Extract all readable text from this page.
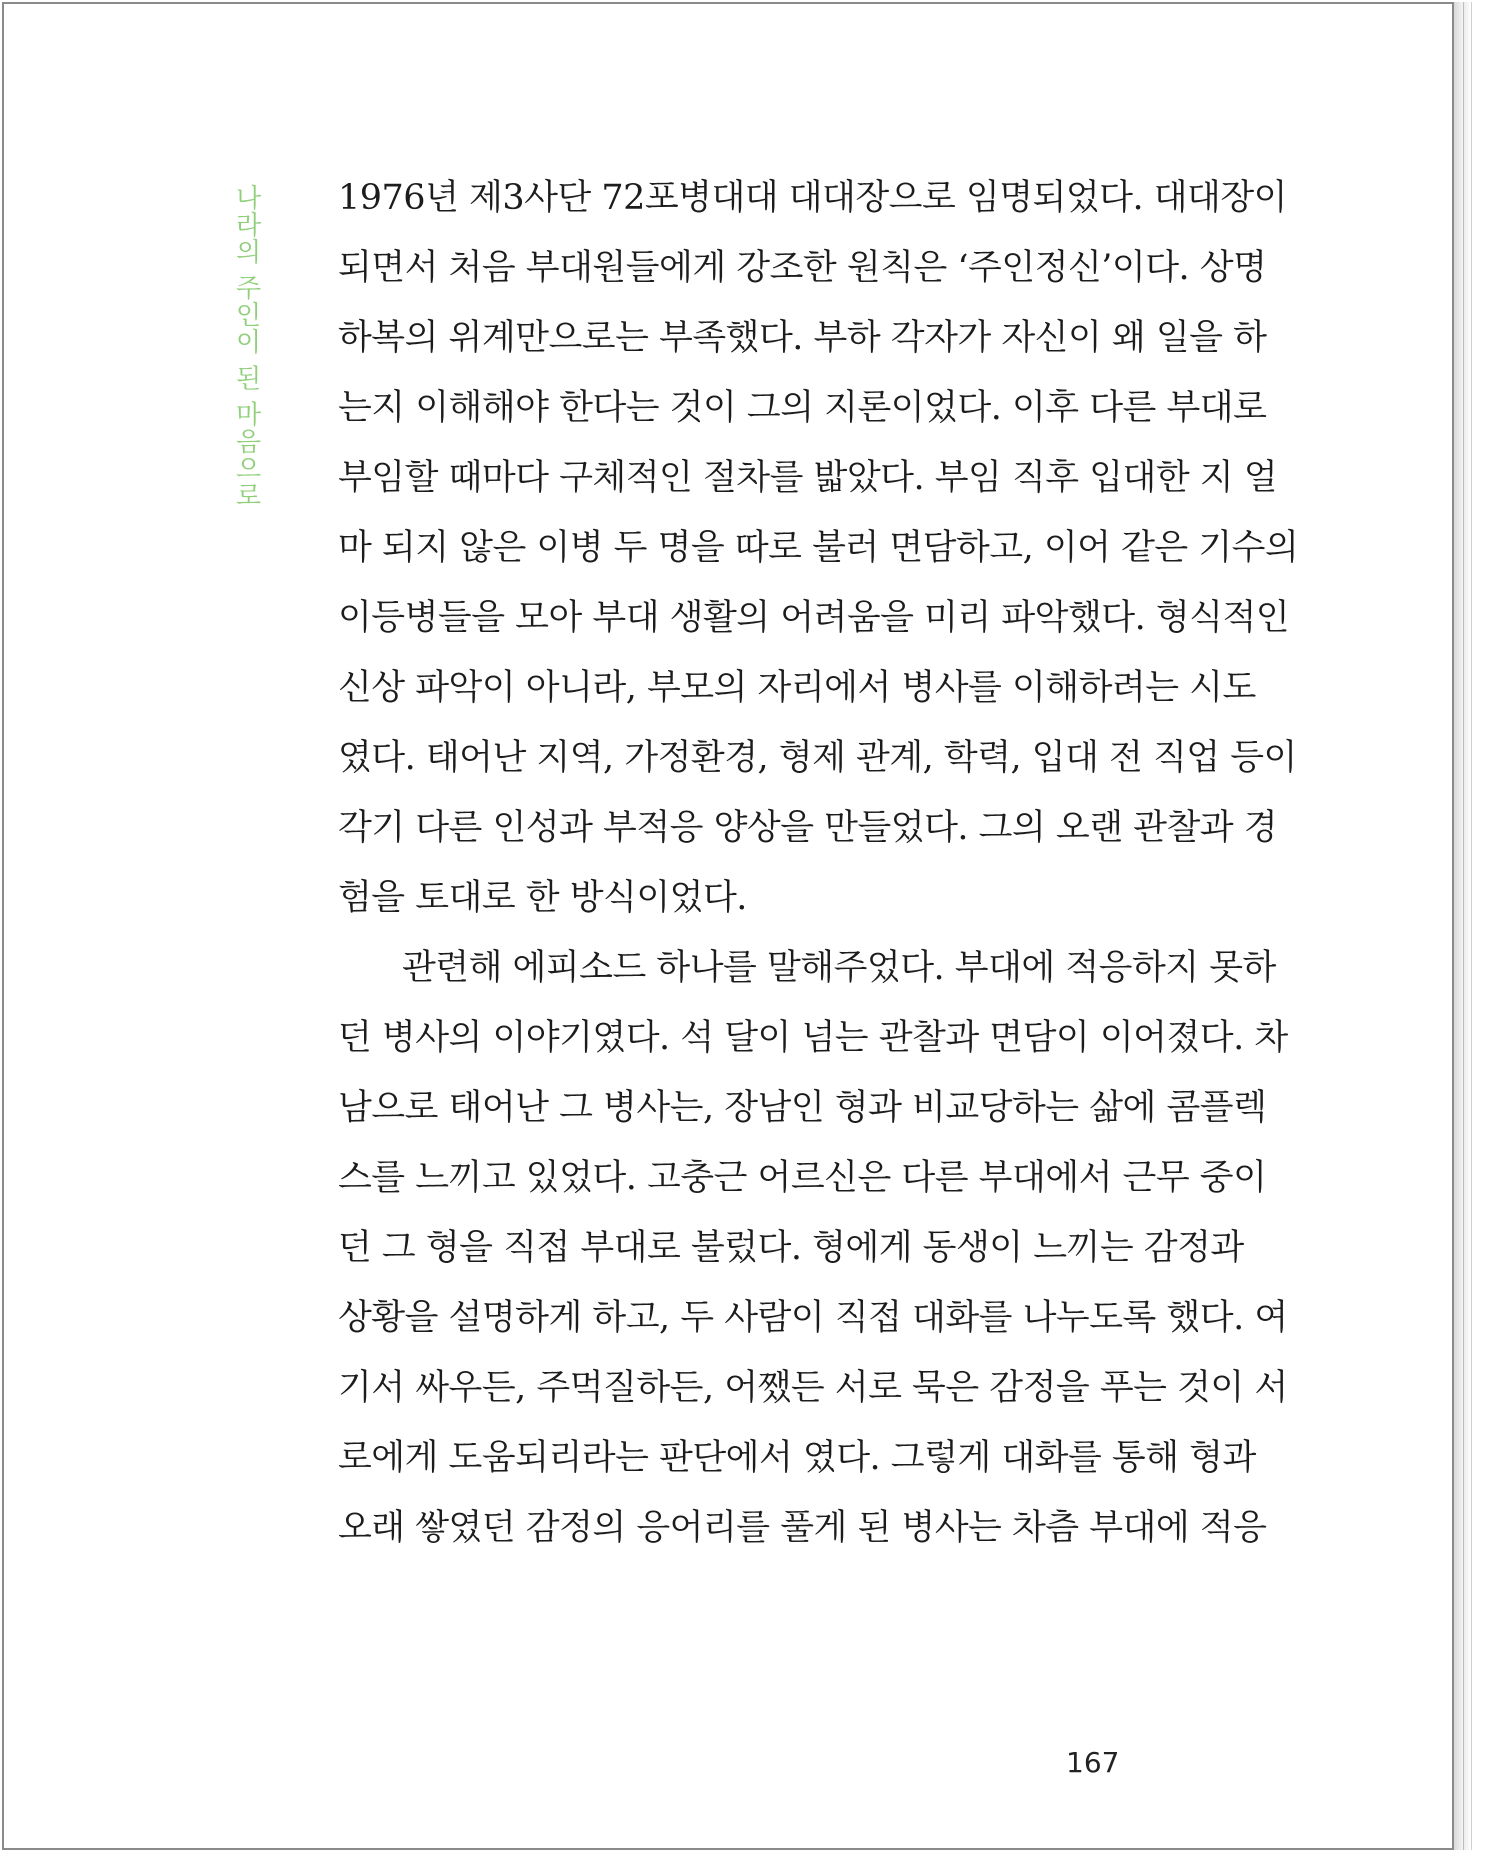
나라의 주인이 된 마음으로 1976년 제3사단 72포병대대 대대장으로 임명되었다. 대대장이
되면서 처음 부대원들에게 강조한 원칙은 ‘주인정신’이다. 상명
하복의 위계만으로는 부족했다. 부하 각자가 자신이 왜 일을 하
는지 이해해야 한다는 것이 그의 지론이었다. 이후 다른 부대로
부임할 때마다 구체적인 절차를 밟았다. 부임 직후 입대한 지 얼
마 되지 않은 이병 두 명을 따로 불러 면담하고, 이어 같은 기수의
이등병들을 모아 부대 생활의 어려움을 미리 파악했다. 형식적인
신상 파악이 아니라, 부모의 자리에서 병사를 이해하려는 시도
였다. 태어난 지역, 가정환경, 형제 관계, 학력, 입대 전 직업 등이
각기 다른 인성과 부적응 양상을 만들었다. 그의 오랜 관찰과 경
험을 토대로 한 방식이었다.
관련해 에피소드 하나를 말해주었다. 부대에 적응하지 못하
던 병사의 이야기였다. 석 달이 넘는 관찰과 면담이 이어졌다. 차
남으로 태어난 그 병사는, 장남인 형과 비교당하는 삶에 콤플렉
스를 느끼고 있었다. 고충근 어르신은 다른 부대에서 근무 중이
던 그 형을 직접 부대로 불렀다. 형에게 동생이 느끼는 감정과
상황을 설명하게 하고, 두 사람이 직접 대화를 나누도록 했다. 여
기서 싸우든, 주먹질하든, 어쨌든 서로 묵은 감정을 푸는 것이 서
로에게 도움되리라는 판단에서 였다. 그렇게 대화를 통해 형과
오래 쌓였던 감정의 응어리를 풀게 된 병사는 차츰 부대에 적응
167
